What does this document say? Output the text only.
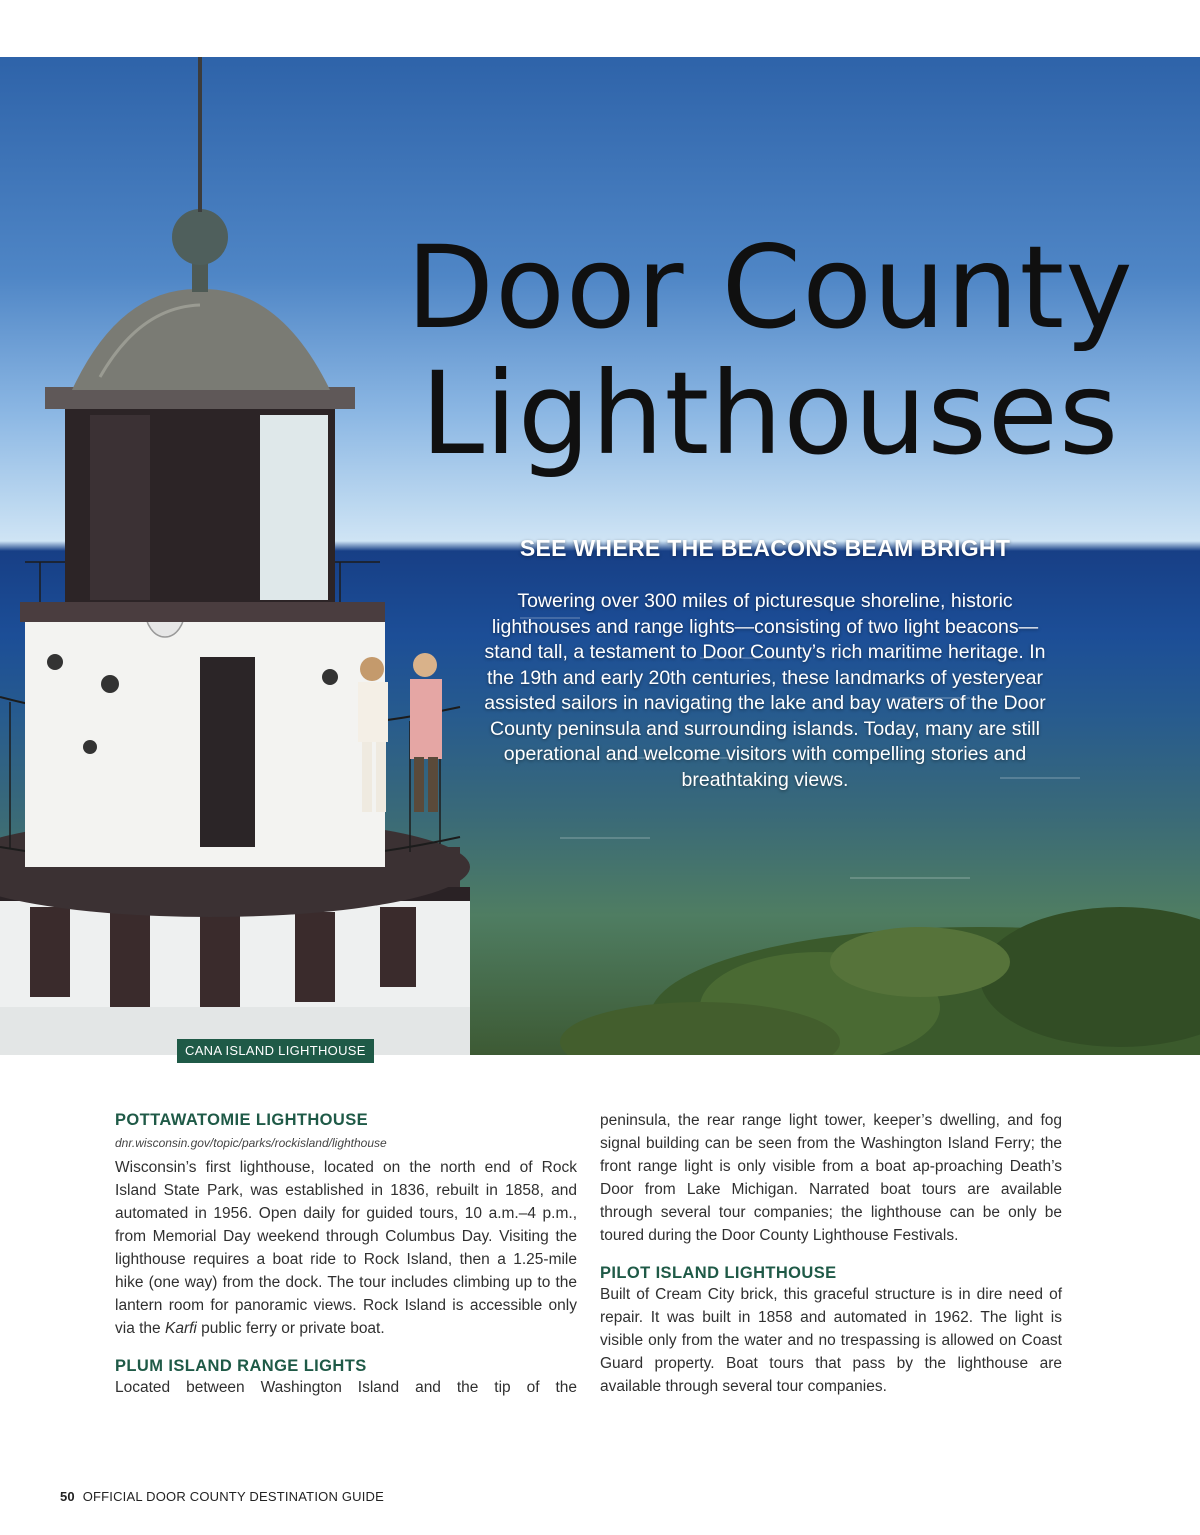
Door County
Lighthouses

SEE WHERE THE BEACONS BEAM BRIGHT

Towering over 300 miles of picturesque shoreline, historic lighthouses and range lights—consisting of two light beacons—stand tall, a testament to Door County’s rich maritime heritage. In the 19th and early 20th centuries, these landmarks of yesteryear assisted sailors in navigating the lake and bay waters of the Door County peninsula and surrounding islands. Today, many are still operational and welcome visitors with compelling stories and breathtaking views.

CANA ISLAND LIGHTHOUSE
POTTAWATOMIE LIGHTHOUSE

dnr.wisconsin.gov/topic/parks/rockisland/lighthouse

Wisconsin’s first lighthouse, located on the north end of Rock Island State Park, was established in 1836, rebuilt in 1858, and automated in 1956. Open daily for guided tours, 10 a.m.–4 p.m., from Memorial Day weekend through Columbus Day. Visiting the lighthouse requires a boat ride to Rock Island, then a 1.25-mile hike (one way) from the dock. The tour includes climbing up to the lantern room for panoramic views. Rock Island is accessible only via the Karfi public ferry or private boat.

PLUM ISLAND RANGE LIGHTS

Located between Washington Island and the tip of the

peninsula, the rear range light tower, keeper’s dwelling, and fog signal building can be seen from the Washington Island Ferry; the front range light is only visible from a boat ap-proaching Death’s Door from Lake Michigan. Narrated boat tours are available through several tour companies; the lighthouse can be only be toured during the Door County Lighthouse Festivals.

PILOT ISLAND LIGHTHOUSE

Built of Cream City brick, this graceful structure is in dire need of repair. It was built in 1858 and automated in 1962. The light is visible only from the water and no trespassing is allowed on Coast Guard property. Boat tours that pass by the lighthouse are available through several tour companies.

50 OFFICIAL DOOR COUNTY DESTINATION GUIDE
